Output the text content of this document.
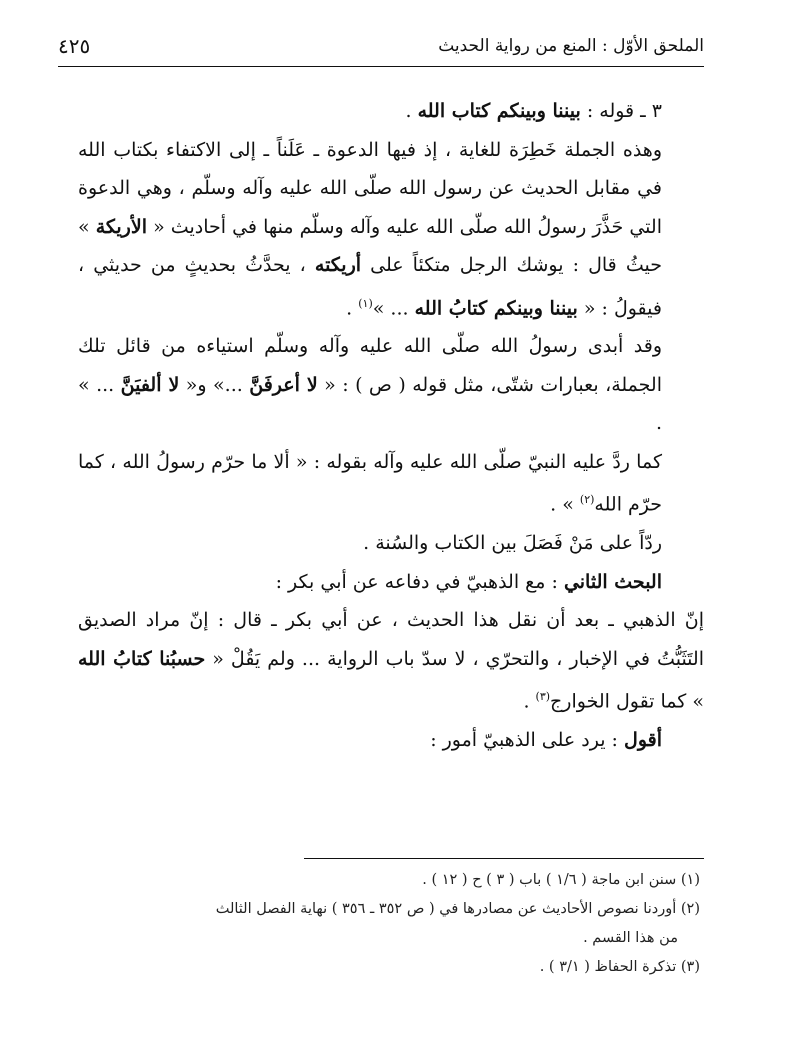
الملحق الأوّل : المنع من رواية الحديث
٤٢٥

٣ ـ قوله : بيننا وبينكم كتاب الله .

وهذه الجملة خَطِرَة للغاية ، إذ فيها الدعوة ـ عَلَناً ـ إلى الاكتفاء بكتاب الله في مقابل الحديث عن رسول الله صلّى الله عليه وآله وسلّم ، وهي الدعوة التي حَذَّرَ رسولُ الله صلّى الله عليه وآله وسلّم منها في أحاديث « الأريكة » حيثُ قال : يوشك الرجل متكئاً على أريكته ، يحدَّثُ بحديثٍ من حديثي ، فيقولُ : « بيننا وبينكم كتابُ الله ... »$^{(١)}$ .

وقد أبدى رسولُ الله صلّى الله عليه وآله وسلّم استياءه من قائل تلك الجملة، بعبارات شتّى، مثل قوله ( ص ) : « لا أعرفَنَّ ...» و« لا ألفيَنَّ ... » .

كما ردَّ عليه النبيّ صلّى الله عليه وآله بقوله : « ألا ما حرّم رسولُ الله ، كما حرّم الله$^{(٢)}$ » .

ردّاً على مَنْ فَصَلَ بين الكتاب والسُنة .

البحث الثاني : مع الذهبيّ في دفاعه عن أبي بكر :

إنّ الذهبي ـ بعد أن نقل هذا الحديث ، عن أبي بكر ـ قال : إنّ مراد الصديق التَثَبُّتُ في الإخبار ، والتحرّي ، لا سدّ باب الرواية ... ولم يَقُلْ « حسبُنا كتابُ الله » كما تقول الخوارج$^{(٣)}$ .

أقول : يرد على الذهبيّ أمور :

(١) سنن ابن ماجة ( ١/٦ ) باب ( ٣ ) ح ( ١٢ ) .

(٢) أوردنا نصوص الأحاديث عن مصادرها في ( ص ٣٥٢ ـ ٣٥٦ ) نهاية الفصل الثالث

من هذا القسم .

(٣) تذكرة الحفاظ ( ٣/١ ) .
